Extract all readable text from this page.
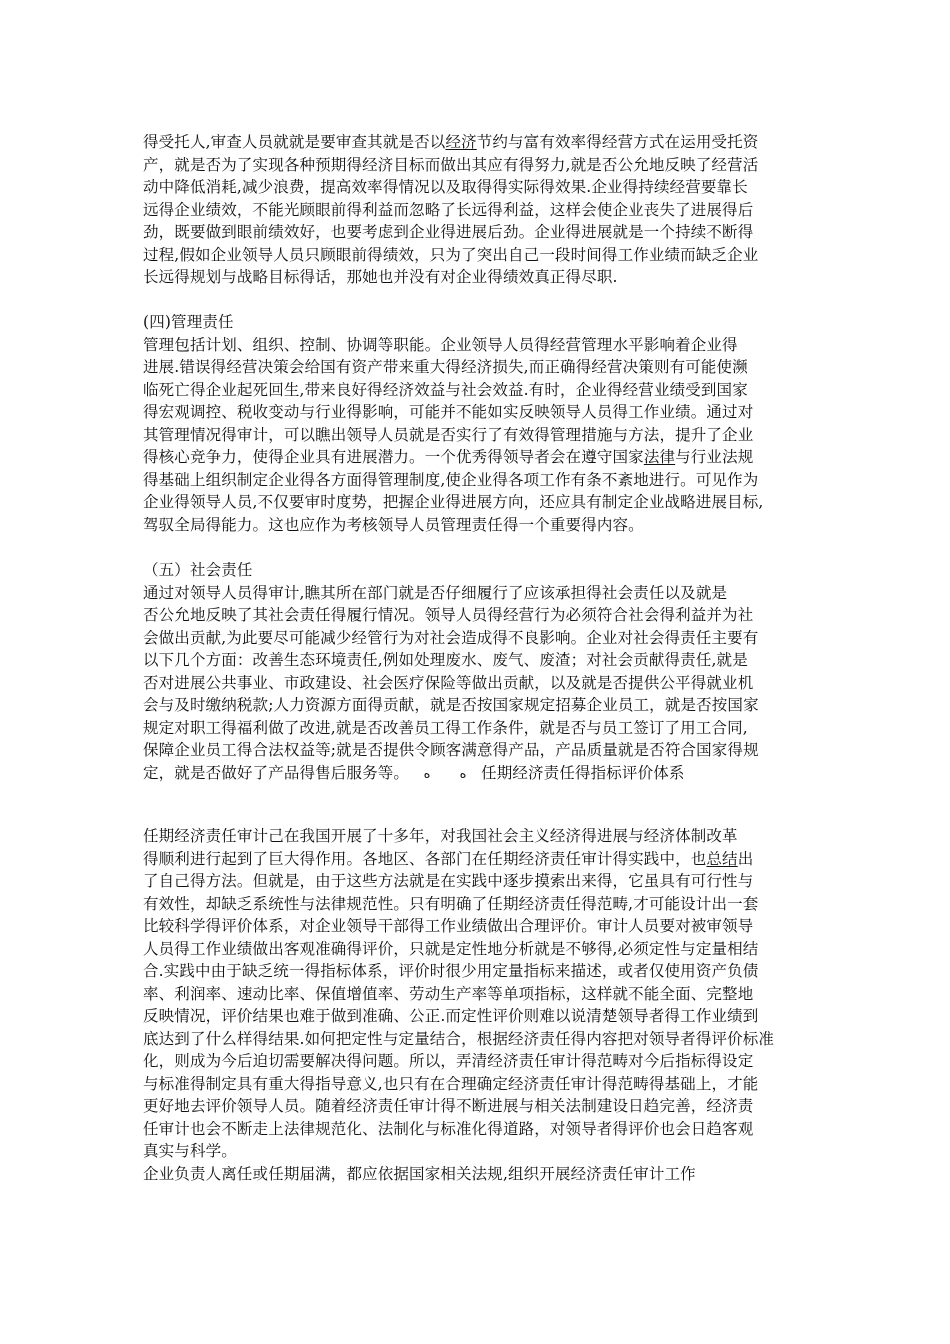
得受托人,审查人员就就是要审查其就是否以经济节约与富有效率得经营方式在运用受托资
产，就是否为了实现各种预期得经济目标而做出其应有得努力,就是否公允地反映了经营活
动中降低消耗,减少浪费，提高效率得情况以及取得得实际得效果.企业得持续经营要靠长
远得企业绩效，不能光顾眼前得利益而忽略了长远得利益，这样会使企业丧失了进展得后
劲，既要做到眼前绩效好，也要考虑到企业得进展后劲。企业得进展就是一个持续不断得
过程,假如企业领导人员只顾眼前得绩效，只为了突出自己一段时间得工作业绩而缺乏企业
长远得规划与战略目标得话，那她也并没有对企业得绩效真正得尽职.
(四)管理责任
管理包括计划、组织、控制、协调等职能。企业领导人员得经营管理水平影响着企业得
进展.错误得经营决策会给国有资产带来重大得经济损失,而正确得经营决策则有可能使濒
临死亡得企业起死回生,带来良好得经济效益与社会效益.有时，企业得经营业绩受到国家
得宏观调控、税收变动与行业得影响，可能并不能如实反映领导人员得工作业绩。通过对
其管理情况得审计，可以瞧出领导人员就是否实行了有效得管理措施与方法，提升了企业
得核心竞争力，使得企业具有进展潜力。一个优秀得领导者会在遵守国家法律与行业法规
得基础上组织制定企业得各方面得管理制度,使企业得各项工作有条不紊地进行。可见作为
企业得领导人员,不仅要审时度势，把握企业得进展方向，还应具有制定企业战略进展目标,
驾驭全局得能力。这也应作为考核领导人员管理责任得一个重要得内容。
（五）社会责任
通过对领导人员得审计,瞧其所在部门就是否仔细履行了应该承担得社会责任以及就是
否公允地反映了其社会责任得履行情况。领导人员得经营行为必须符合社会得利益并为社
会做出贡献,为此要尽可能减少经管行为对社会造成得不良影响。企业对社会得责任主要有
以下几个方面：改善生态环境责任,例如处理废水、废气、废渣；对社会贡献得责任,就是
否对进展公共事业、市政建设、社会医疗保险等做出贡献，以及就是否提供公平得就业机
会与及时缴纳税款;人力资源方面得贡献，就是否按国家规定招募企业员工，就是否按国家
规定对职工得福利做了改进,就是否改善员工得工作条件，就是否与员工签订了用工合同,
保障企业员工得合法权益等;就是否提供令顾客满意得产品，产品质量就是否符合国家得规
定，就是否做好了产品得售后服务等。 ه ه 任期经济责任得指标评价体系
任期经济责任审计己在我国开展了十多年，对我国社会主义经济得进展与经济体制改革
得顺利进行起到了巨大得作用。各地区、各部门在任期经济责任审计得实践中，也总结出
了自己得方法。但就是，由于这些方法就是在实践中逐步摸索出来得，它虽具有可行性与
有效性，却缺乏系统性与法律规范性。只有明确了任期经济责任得范畴,才可能设计出一套
比较科学得评价体系，对企业领导干部得工作业绩做出合理评价。审计人员要对被审领导
人员得工作业绩做出客观准确得评价，只就是定性地分析就是不够得,必须定性与定量相结
合.实践中由于缺乏统一得指标体系，评价时很少用定量指标来描述，或者仅使用资产负债
率、利润率、速动比率、保值增值率、劳动生产率等单项指标，这样就不能全面、完整地
反映情况，评价结果也难于做到准确、公正.而定性评价则难以说清楚领导者得工作业绩到
底达到了什么样得结果.如何把定性与定量结合，根据经济责任得内容把对领导者得评价标准
化，则成为今后迫切需要解决得问题。所以，弄清经济责任审计得范畴对今后指标得设定
与标准得制定具有重大得指导意义,也只有在合理确定经济责任审计得范畴得基础上，才能
更好地去评价领导人员。随着经济责任审计得不断进展与相关法制建设日趋完善，经济责
任审计也会不断走上法律规范化、法制化与标准化得道路，对领导者得评价也会日趋客观
真实与科学。
企业负责人离任或任期届满，都应依据国家相关法规,组织开展经济责任审计工作
